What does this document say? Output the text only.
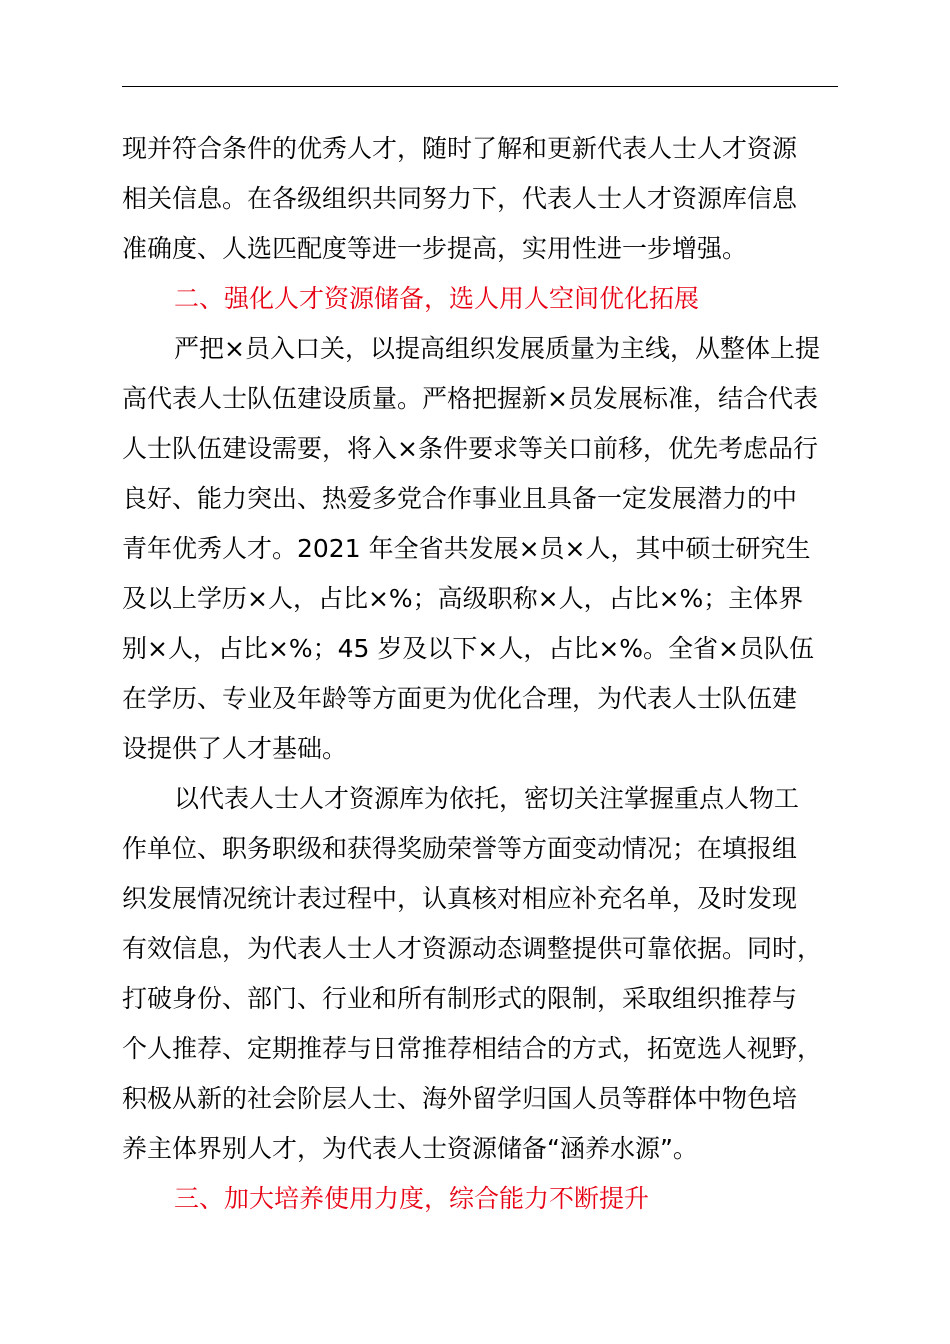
现并符合条件的优秀人才，随时了解和更新代表人士人才资源
相关信息。在各级组织共同努力下，代表人士人才资源库信息
准确度、人选匹配度等进一步提高，实用性进一步增强。
二、强化人才资源储备，选人用人空间优化拓展
严把×员入口关，以提高组织发展质量为主线，从整体上提
高代表人士队伍建设质量。严格把握新×员发展标准，结合代表
人士队伍建设需要，将入×条件要求等关口前移，优先考虑品行
良好、能力突出、热爱多党合作事业且具备一定发展潜力的中
青年优秀人才。2021 年全省共发展×员×人，其中硕士研究生
及以上学历×人，占比×%；高级职称×人，占比×%；主体界
别×人，占比×%；45 岁及以下×人，占比×%。全省×员队伍
在学历、专业及年龄等方面更为优化合理，为代表人士队伍建
设提供了人才基础。
以代表人士人才资源库为依托，密切关注掌握重点人物工
作单位、职务职级和获得奖励荣誉等方面变动情况；在填报组
织发展情况统计表过程中，认真核对相应补充名单，及时发现
有效信息，为代表人士人才资源动态调整提供可靠依据。同时，
打破身份、部门、行业和所有制形式的限制，采取组织推荐与
个人推荐、定期推荐与日常推荐相结合的方式，拓宽选人视野，
积极从新的社会阶层人士、海外留学归国人员等群体中物色培
养主体界别人才，为代表人士资源储备“涵养水源”。
三、加大培养使用力度，综合能力不断提升
